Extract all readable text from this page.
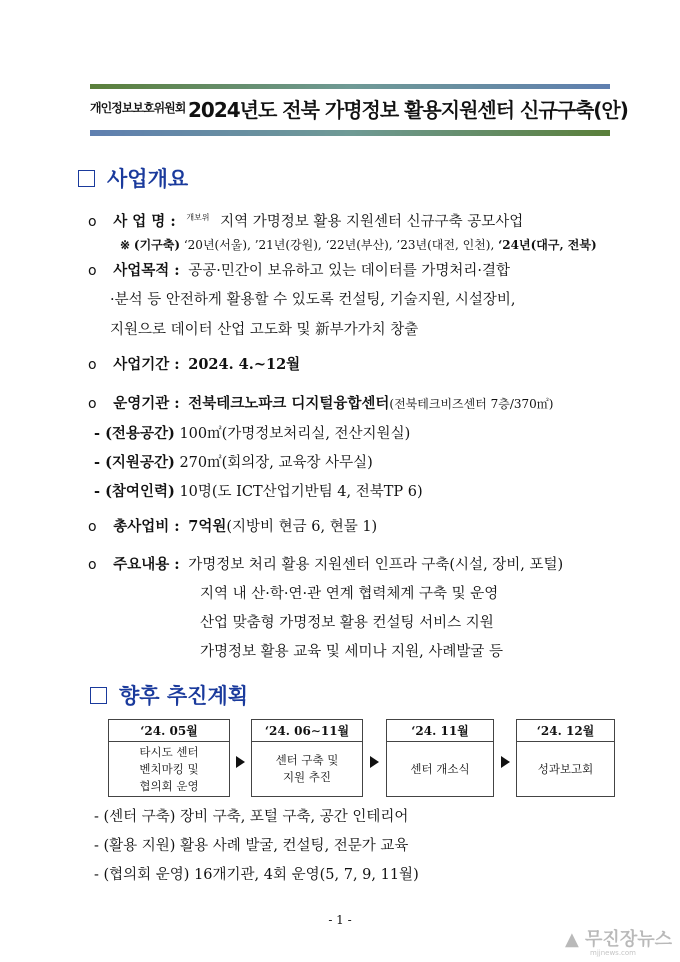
개인정보보호위원회 2024년도 전북 가명정보 활용지원센터 신규구축(안)
사업개요
o 사 업 명 : $^{개보위}$ 지역 가명정보 활용 지원센터 신규구축 공모사업
※ (기구축) ‘20년(서울), ’21년(강원), ‘22년(부산), ’23년(대전, 인천), ‘24년(대구, 전북)
o 사업목적 : 공공·민간이 보유하고 있는 데이터를 가명처리·결합
·분석 등 안전하게 활용할 수 있도록 컨설팅, 기술지원, 시설장비,
지원으로 데이터 산업 고도화 및 新부가가치 창출
o 사업기간 : 2024. 4.~12월
o 운영기관 : 전북테크노파크 디지털융합센터(전북테크비즈센터 7층/370㎡)
- (전용공간) 100㎡(가명정보처리실, 전산지원실)
- (지원공간) 270㎡(회의장, 교육장 사무실)
- (참여인력) 10명(도 ICT산업기반팀 4, 전북TP 6)
o 총사업비 : 7억원(지방비 현금 6, 현물 1)
o 주요내용 : 가명정보 처리 활용 지원센터 인프라 구축(시설, 장비, 포털)
지역 내 산·학·연·관 연계 협력체계 구축 및 운영
산업 맞춤형 가명정보 활용 컨설팅 서비스 지원
가명정보 활용 교육 및 세미나 지원, 사례발굴 등
향후 추진계획
‘24. 05월
타시도 센터
벤치마킹 및
협의회 운영
‘24. 06∼11월
센터 구축 및
지원 추진
‘24. 11월
센터 개소식
‘24. 12월
성과보고회
- (센터 구축) 장비 구축, 포털 구축, 공간 인테리어
- (활용 지원) 활용 사례 발굴, 컨설팅, 전문가 교육
- (협의회 운영) 16개기관, 4회 운영(5, 7, 9, 11월)
- 1 -
▲ 무진장뉴스
mjjnews.com
